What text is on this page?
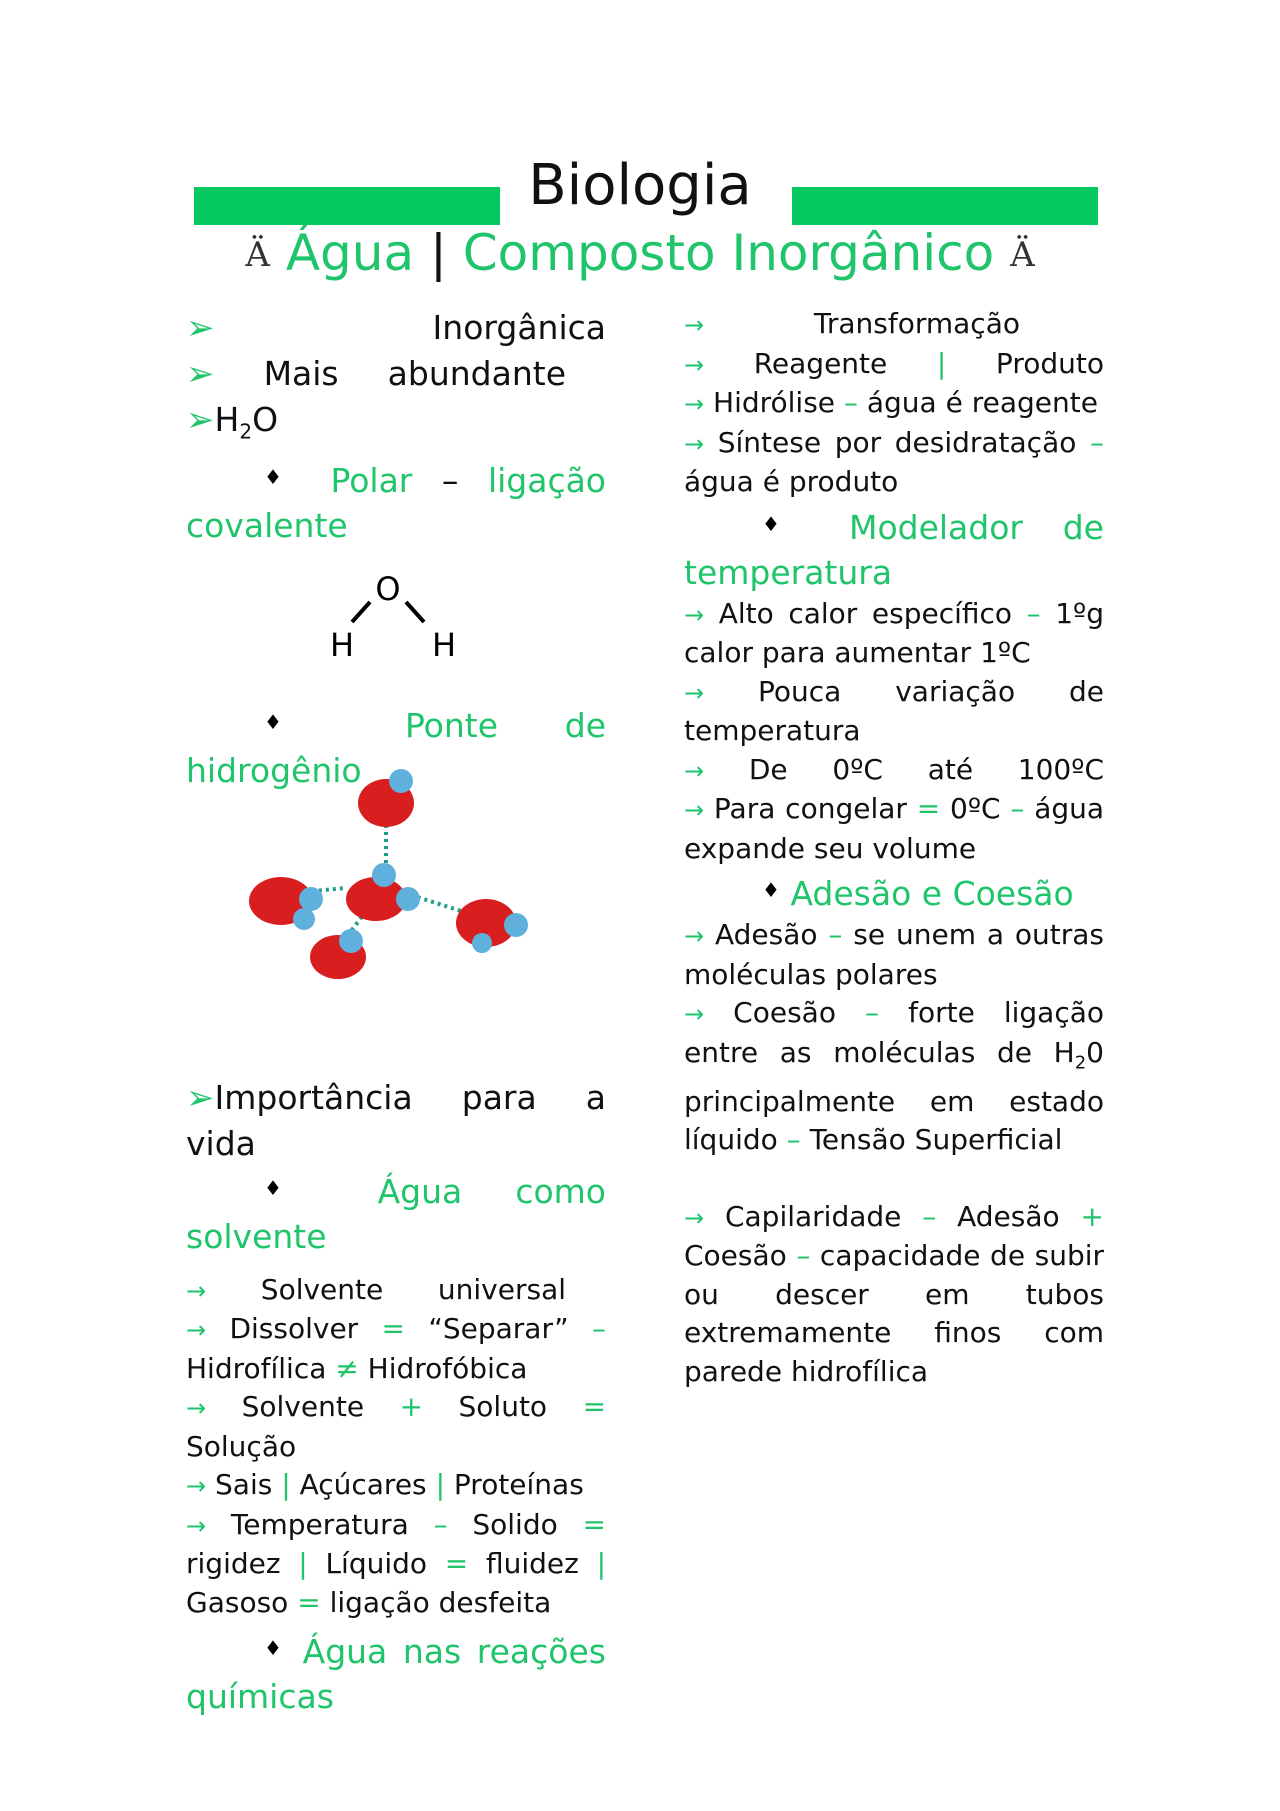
Biologia
Ä Água | Composto Inorgânico Ä
➢	Inorgânica
➢ Mais abundante
$➢H_2O$
♦ Polar – ligação covalente
O
H H
♦ Ponte de hidrogênio
➢Importância para a vida
♦ Água como solvente
→ Solvente universal
→ Dissolver = “Separar” – Hidrofílica ≠ Hidrofóbica
→ Solvente + Soluto = Solução
→ Sais | Açúcares | Proteínas
→ Temperatura – Solido = rigidez | Líquido = fluidez | Gasoso = ligação desfeita
♦ Água nas reações químicas
→	Transformação
→ Reagente | Produto
→ Hidrólise – água é reagente
→ Síntese por desidratação – água é produto
♦ Modelador de temperatura
→ Alto calor específico – 1ºg calor para aumentar 1ºC
→ Pouca variação de temperatura
→ De 0ºC até 100ºC
→ Para congelar = 0ºC – água expande seu volume
♦ Adesão e Coesão
→ Adesão – se unem a outras moléculas polares
→ Coesão – forte ligação entre as moléculas de $H_20$ principalmente em estado líquido – Tensão Superficial
→ Capilaridade – Adesão + Coesão – capacidade de subir ou descer em tubos extremamente finos com parede hidrofílica
